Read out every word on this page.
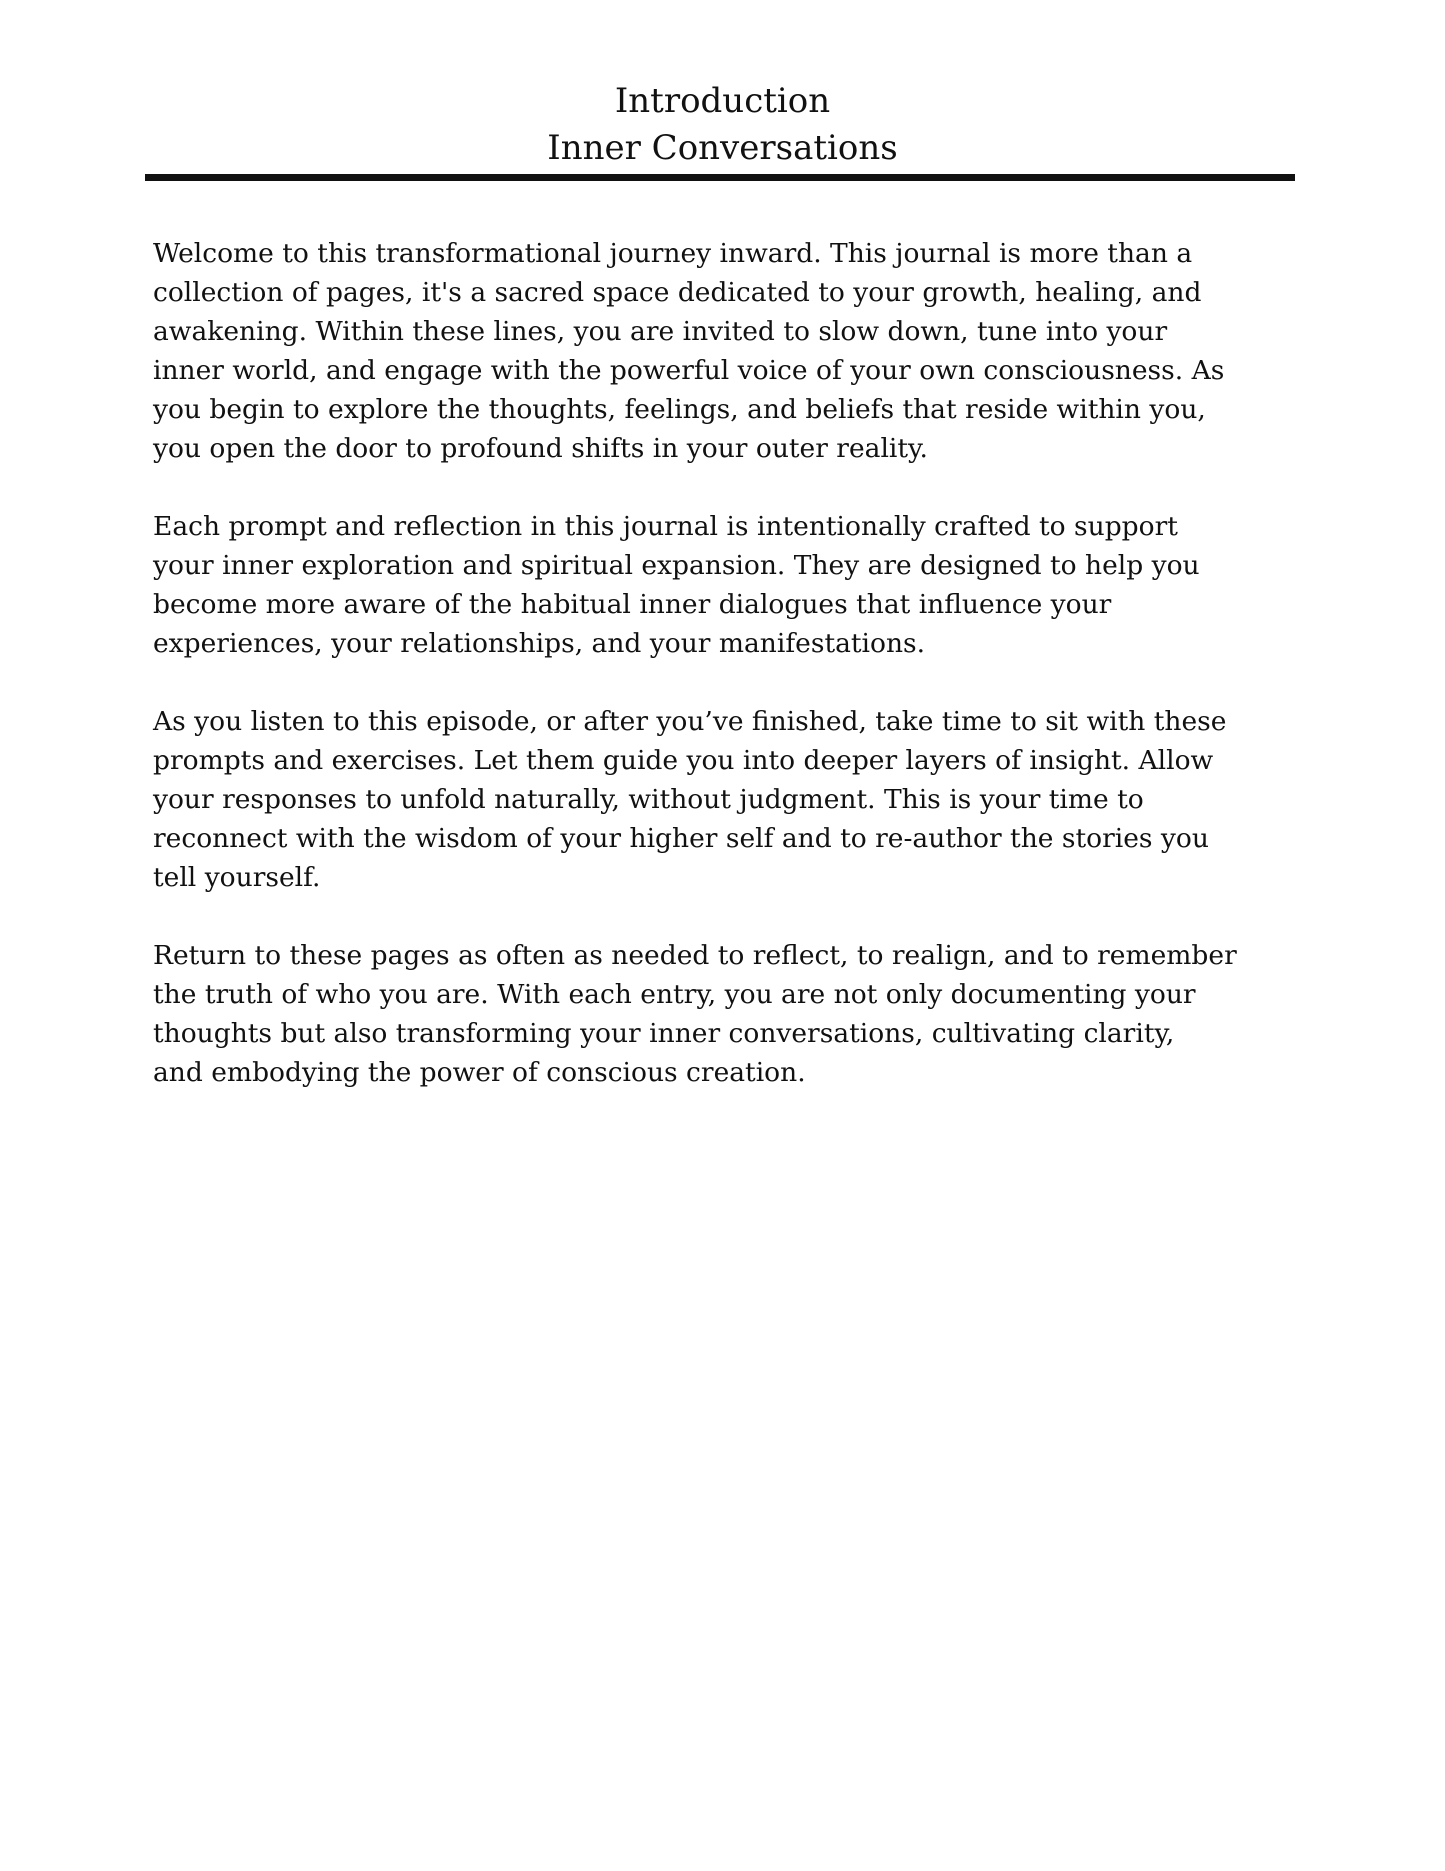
Introduction
Inner Conversations

Welcome to this transformational journey inward. This journal is more than a
collection of pages, it's a sacred space dedicated to your growth, healing, and
awakening. Within these lines, you are invited to slow down, tune into your
inner world, and engage with the powerful voice of your own consciousness. As
you begin to explore the thoughts, feelings, and beliefs that reside within you,
you open the door to profound shifts in your outer reality.

Each prompt and reflection in this journal is intentionally crafted to support
your inner exploration and spiritual expansion. They are designed to help you
become more aware of the habitual inner dialogues that influence your
experiences, your relationships, and your manifestations.

As you listen to this episode, or after you’ve finished, take time to sit with these
prompts and exercises. Let them guide you into deeper layers of insight. Allow
your responses to unfold naturally, without judgment. This is your time to
reconnect with the wisdom of your higher self and to re-author the stories you
tell yourself.

Return to these pages as often as needed to reflect, to realign, and to remember
the truth of who you are. With each entry, you are not only documenting your
thoughts but also transforming your inner conversations, cultivating clarity,
and embodying the power of conscious creation.
